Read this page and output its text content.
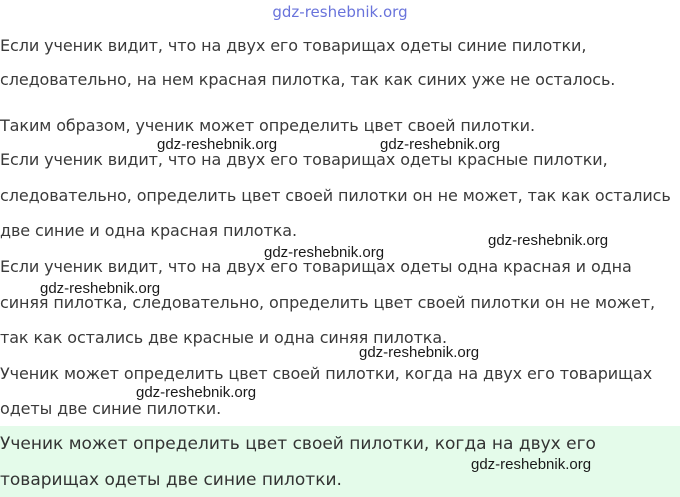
gdz-reshebnik.org
Если ученик видит, что на двух его товарищах одеты синие пилотки,
следовательно, на нем красная пилотка, так как синих уже не осталось.
Таким образом, ученик может определить цвет своей пилотки.
Если ученик видит, что на двух его товарищах одеты красные пилотки,
следовательно, определить цвет своей пилотки он не может, так как остались
две синие и одна красная пилотка.
Если ученик видит, что на двух его товарищах одеты одна красная и одна
синяя пилотка, следовательно, определить цвет своей пилотки он не может,
так как остались две красные и одна синяя пилотка.
Ученик может определить цвет своей пилотки, когда на двух его товарищах
одеты две синие пилотки.
Ученик может определить цвет своей пилотки, когда на двух его
товарищах одеты две синие пилотки.
gdz-reshebnik.org	gdz-reshebnik.org
gdz-reshebnik.org
gdz-reshebnik.org
gdz-reshebnik.org
gdz-reshebnik.org
gdz-reshebnik.org
gdz-reshebnik.org
